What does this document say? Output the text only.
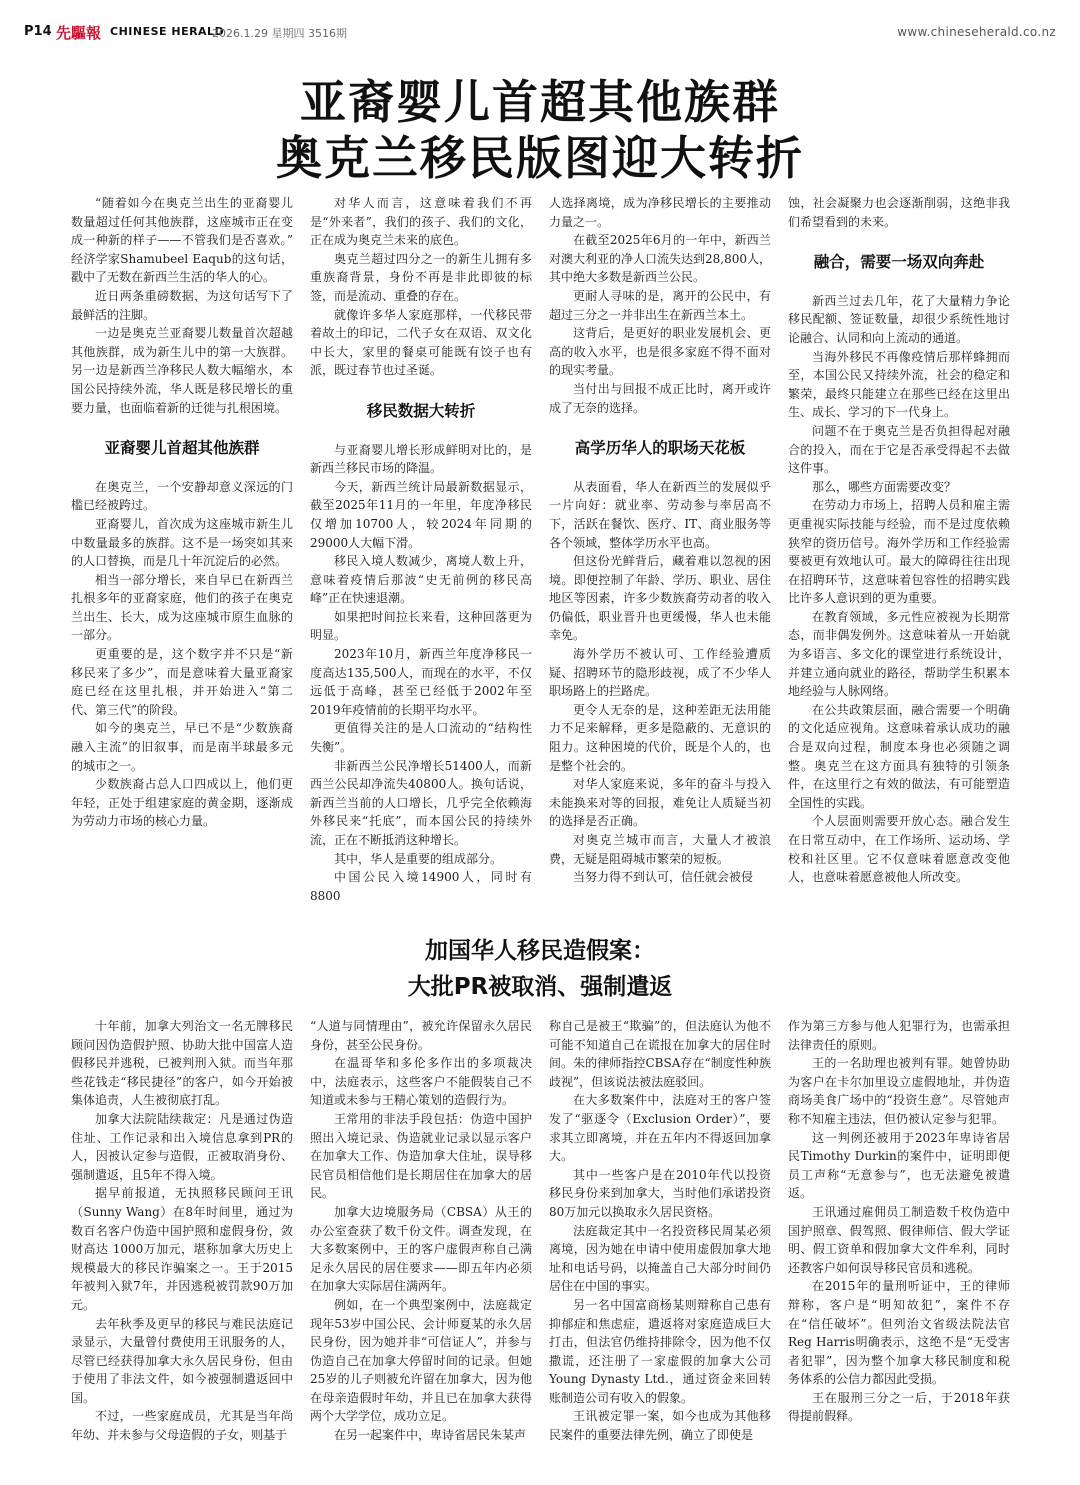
P14 先驅報 CHINESE HERALD
2026.1.29 星期四 3516期	www.chineseherald.co.nz
亚裔婴儿首超其他族群
奥克兰移民版图迎大转折

“随着如今在奥克兰出生的亚裔婴儿数量超过任何其他族群，这座城市正在变成一种新的样子——不管我们是否喜欢。” 经济学家Shamubeel Eaqub的这句话，戳中了无数在新西兰生活的华人的心。

近日两条重磅数据，为这句话写下了最鲜活的注脚。

一边是奥克兰亚裔婴儿数量首次超越其他族群，成为新生儿中的第一大族群。另一边是新西兰净移民人数大幅缩水，本国公民持续外流，华人既是移民增长的重要力量，也面临着新的迁徙与扎根困境。

亚裔婴儿首超其他族群

在奥克兰，一个安静却意义深远的门槛已经被跨过。

亚裔婴儿，首次成为这座城市新生儿中数量最多的族群。这不是一场突如其来的人口替换，而是几十年沉淀后的必然。

相当一部分增长，来自早已在新西兰扎根多年的亚裔家庭，他们的孩子在奥克兰出生、长大，成为这座城市原生血脉的一部分。

更重要的是，这个数字并不只是“新移民来了多少”，而是意味着大量亚裔家庭已经在这里扎根，并开始进入“第二代、第三代”的阶段。

如今的奥克兰，早已不是“少数族裔融入主流”的旧叙事，而是南半球最多元的城市之一。

少数族裔占总人口四成以上，他们更年轻，正处于组建家庭的黄金期，逐渐成为劳动力市场的核心力量。

对华人而言，这意味着我们不再是“外来者”，我们的孩子、我们的文化，正在成为奥克兰未来的底色。

奥克兰超过四分之一的新生儿拥有多重族裔背景，身份不再是非此即彼的标签，而是流动、重叠的存在。

就像许多华人家庭那样，一代移民带着故土的印记，二代子女在双语、双文化中长大，家里的餐桌可能既有饺子也有派，既过春节也过圣诞。

移民数据大转折

与亚裔婴儿增长形成鲜明对比的，是新西兰移民市场的降温。

今天，新西兰统计局最新数据显示，截至2025年11月的一年里，年度净移民仅增加10700人，较2024年同期的29000人大幅下滑。

移民入境人数减少，离境人数上升，意味着疫情后那波“史无前例的移民高峰”正在快速退潮。

如果把时间拉长来看，这种回落更为明显。

2023年10月，新西兰年度净移民一度高达135,500人，而现在的水平，不仅远低于高峰，甚至已经低于2002年至2019年疫情前的长期平均水平。

更值得关注的是人口流动的“结构性失衡”。

非新西兰公民净增长51400人，而新西兰公民却净流失40800人。换句话说，新西兰当前的人口增长，几乎完全依赖海外移民来“托底”，而本国公民的持续外流，正在不断抵消这种增长。

其中，华人是重要的组成部分。

中国公民入境14900人，同时有8800

人选择离境，成为净移民增长的主要推动力量之一。

在截至2025年6月的一年中，新西兰对澳大利亚的净人口流失达到28,800人，其中绝大多数是新西兰公民。

更耐人寻味的是，离开的公民中，有超过三分之一并非出生在新西兰本土。

这背后，是更好的职业发展机会、更高的收入水平，也是很多家庭不得不面对的现实考量。

当付出与回报不成正比时，离开或许成了无奈的选择。

高学历华人的职场天花板

从表面看，华人在新西兰的发展似乎一片向好：就业率、劳动参与率居高不下，活跃在餐饮、医疗、IT、商业服务等各个领域，整体学历水平也高。

但这份光鲜背后，藏着难以忽视的困境。即便控制了年龄、学历、职业、居住地区等因素，许多少数族裔劳动者的收入仍偏低，职业晋升也更缓慢，华人也未能幸免。

海外学历不被认可、工作经验遭质疑、招聘环节的隐形歧视，成了不少华人职场路上的拦路虎。

更令人无奈的是，这种差距无法用能力不足来解释，更多是隐蔽的、无意识的阻力。这种困境的代价，既是个人的，也是整个社会的。

对华人家庭来说，多年的奋斗与投入未能换来对等的回报，难免让人质疑当初的选择是否正确。

对奥克兰城市而言，大量人才被浪费，无疑是阻碍城市繁荣的短板。

当努力得不到认可，信任就会被侵

蚀，社会凝聚力也会逐渐削弱，这绝非我们希望看到的未来。

融合，需要一场双向奔赴

新西兰过去几年，花了大量精力争论移民配额、签证数量，却很少系统性地讨论融合、认同和向上流动的通道。

当海外移民不再像疫情后那样蜂拥而至，本国公民又持续外流，社会的稳定和繁荣，最终只能建立在那些已经在这里出生、成长、学习的下一代身上。

问题不在于奥克兰是否负担得起对融合的投入，而在于它是否承受得起不去做这件事。

那么，哪些方面需要改变？

在劳动力市场上，招聘人员和雇主需更重视实际技能与经验，而不是过度依赖狭窄的资历信号。海外学历和工作经验需要被更有效地认可。最大的障碍往往出现在招聘环节，这意味着包容性的招聘实践比许多人意识到的更为重要。

在教育领域，多元性应被视为长期常态，而非偶发例外。这意味着从一开始就为多语言、多文化的课堂进行系统设计，并建立通向就业的路径，帮助学生积累本地经验与人脉网络。

在公共政策层面，融合需要一个明确的文化适应视角。这意味着承认成功的融合是双向过程，制度本身也必须随之调整。奥克兰在这方面具有独特的引领条件，在这里行之有效的做法，有可能塑造全国性的实践。

个人层面则需要开放心态。融合发生在日常互动中，在工作场所、运动场、学校和社区里。它不仅意味着愿意改变他人，也意味着愿意被他人所改变。

加国华人移民造假案：
大批PR被取消、强制遣返

十年前，加拿大列治文一名无牌移民顾问因伪造假护照、协助大批中国富人造假移民并逃税，已被判刑入狱。而当年那些花钱走“移民捷径”的客户，如今开始被集体追责，人生被彻底打乱。

加拿大法院陆续裁定：凡是通过伪造住址、工作记录和出入境信息拿到PR的人，因被认定参与造假，正被取消身份、强制遣返，且5年不得入境。

据早前报道，无执照移民顾问王讯（Sunny Wang）在8年时间里，通过为数百名客户伪造中国护照和虚假身份，敛财高达 1000万加元，堪称加拿大历史上规模最大的移民诈骗案之一。王于2015年被判入狱7年，并因逃税被罚款90万加元。

去年秋季及更早的移民与难民法庭记录显示，大量曾付费使用王讯服务的人，尽管已经获得加拿大永久居民身份，但由于使用了非法文件，如今被强制遣返回中国。

不过，一些家庭成员，尤其是当年尚年幼、并未参与父母造假的子女，则基于

“人道与同情理由”，被允许保留永久居民身份，甚至公民身份。

在温哥华和多伦多作出的多项裁决中，法庭表示，这些客户不能假装自己不知道或未参与王精心策划的造假行为。

王常用的非法手段包括：伪造中国护照出入境记录、伪造就业记录以显示客户在加拿大工作、伪造加拿大住址，误导移民官员相信他们是长期居住在加拿大的居民。

加拿大边境服务局（CBSA）从王的办公室查获了数千份文件。调查发现，在大多数案例中，王的客户虚假声称自己满足永久居民的居住要求——即五年内必须在加拿大实际居住满两年。

例如，在一个典型案例中，法庭裁定现年53岁中国公民、会计师夏某的永久居民身份，因为她并非“可信证人”，并参与伪造自己在加拿大停留时间的记录。但她25岁的儿子则被允许留在加拿大，因为他在母亲造假时年幼，并且已在加拿大获得两个大学学位，成功立足。

在另一起案件中，卑诗省居民朱某声

称自己是被王“欺骗”的，但法庭认为他不可能不知道自己在谎报在加拿大的居住时间。朱的律师指控CBSA存在“制度性种族歧视”，但该说法被法庭驳回。

在大多数案件中，法庭对王的客户签发了“驱逐令（Exclusion Order）”，要求其立即离境，并在五年内不得返回加拿大。

其中一些客户是在2010年代以投资移民身份来到加拿大，当时他们承诺投资80万加元以换取永久居民资格。

法庭裁定其中一名投资移民周某必须离境，因为她在申请中使用虚假加拿大地址和电话号码，以掩盖自己大部分时间仍居住在中国的事实。

另一名中国富商杨某则辩称自己患有抑郁症和焦虑症，遣返将对家庭造成巨大打击，但法官仍维持排除令，因为他不仅撒谎，还注册了一家虚假的加拿大公司Young Dynasty Ltd.，通过资金来回转账制造公司有收入的假象。

王讯被定罪一案，如今也成为其他移民案件的重要法律先例，确立了即使是

作为第三方参与他人犯罪行为，也需承担法律责任的原则。

王的一名助理也被判有罪。她曾协助为客户在卡尔加里设立虚假地址，并伪造商场美食广场中的“投资生意”。尽管她声称不知雇主违法，但仍被认定参与犯罪。

这一判例还被用于2023年卑诗省居民Timothy Durkin的案件中，证明即便员工声称“无意参与”，也无法避免被遣返。

王讯通过雇佣员工制造数千枚伪造中国护照章、假驾照、假律师信、假大学证明、假工资单和假加拿大文件牟利，同时还教客户如何误导移民官员和逃税。

在2015年的量刑听证中，王的律师辩称，客户是“明知故犯”，案件不存在“信任破坏”。但列治文省级法院法官Reg Harris明确表示，这绝不是“无受害者犯罪”，因为整个加拿大移民制度和税务体系的公信力都因此受损。

王在服刑三分之一后，于2018年获得提前假释。
